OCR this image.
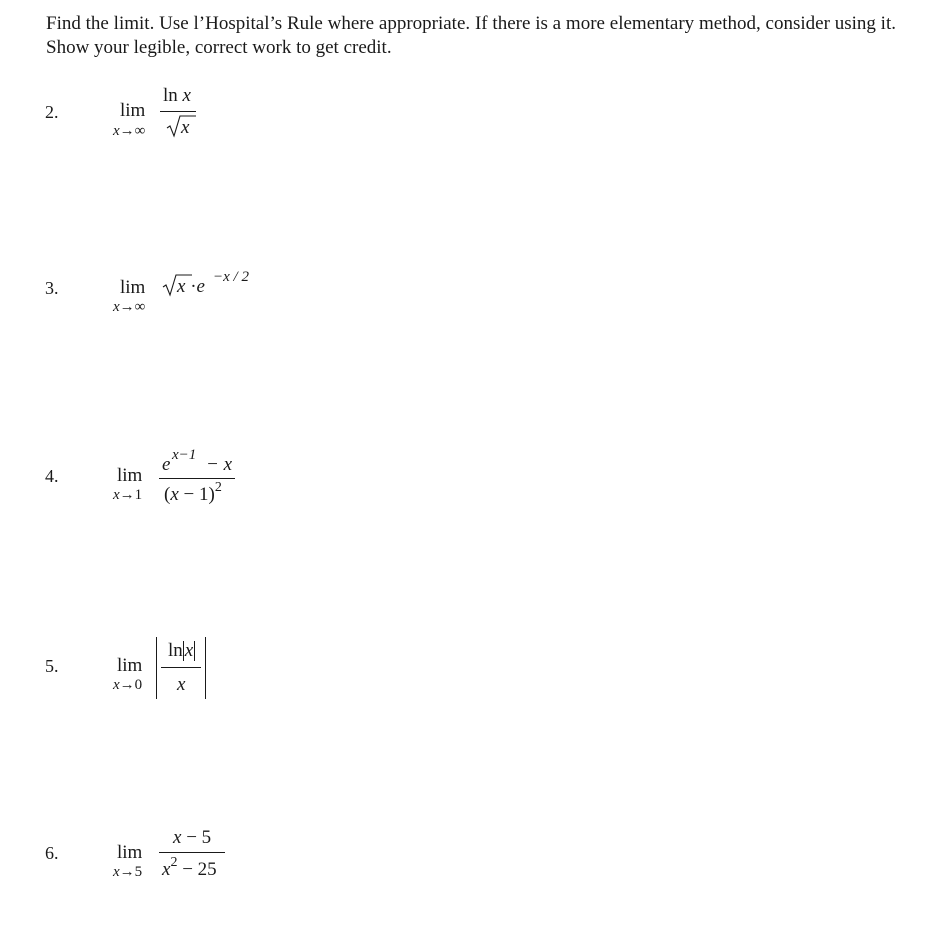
Find the limit. Use l’Hospital’s Rule where appropriate. If there is a more elementary method, consider using it. Show your legible, correct work to get credit.
2.	lim
x→∞
ln x
x
3.	lim
x→∞
x ·e −x / 2
4.	lim
x→1
e x−1 − x
$(x - 1)^2$
5.	lim
x→0
ln x
x
6.	lim
x→5
x − 5
$x^2 - 25$
